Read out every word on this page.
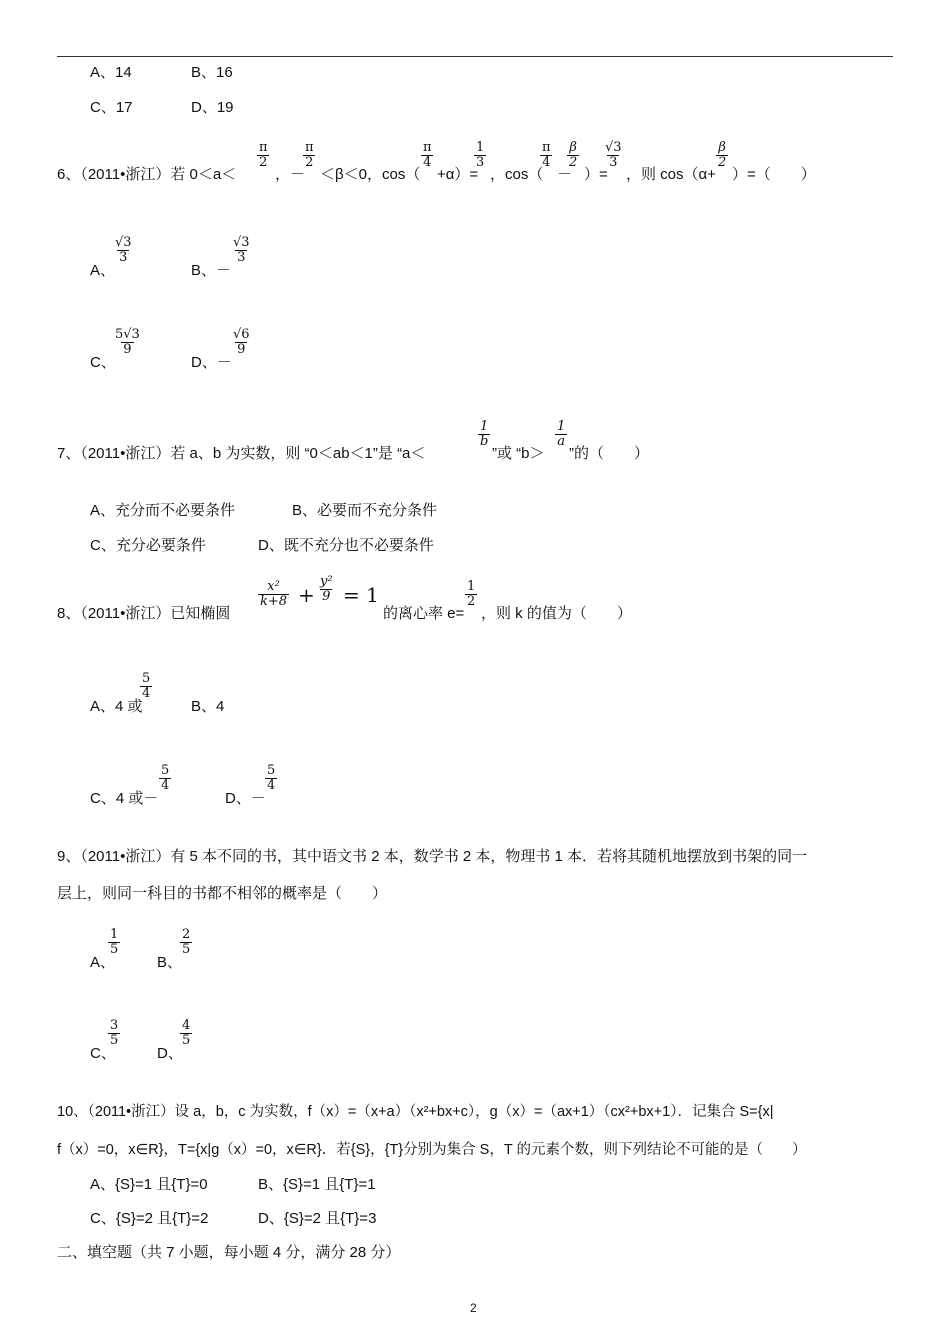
A、14	B、16
C、17	D、19
6、（2011•浙江）若 0＜a＜
$\frac{\pi}{2}$
，－
$\frac{\pi}{2}$
＜β＜0，cos（
$\frac{\pi}{4}$
+α）=
$\frac{1}{3}$
，cos（
$\frac{\pi}{4}$
－
$\frac{\beta}{2}$
）=
$\frac{√3}{3}$
，则 cos（α+
$\frac{\beta}{2}$
）=（　　）
A、
$\frac{√3}{3}$
B、－
$\frac{√3}{3}$
C、
$\frac{5√3}{9}$
D、－
$\frac{√6}{9}$
7、（2011•浙江）若 a、b 为实数，则 “0＜ab＜1”是 “a＜
$\frac{1}{b}$
”或 “b＞
$\frac{1}{a}$
”的（　　）
A、充分而不必要条件	B、必要而不充分条件
C、充分必要条件	D、既不充分也不必要条件
8、（2011•浙江）已知椭圆
$\frac{\text{x²}}{k+8} + \frac{\text{y²}}{9} = 1$
的离心率 e=
$\frac{1}{2}$
，则 k 的值为（　　）
A、4 或
$\frac{5}{4}$
B、4
C、4 或－
$\frac{5}{4}$
D、－
$\frac{5}{4}$
9、（2011•浙江）有 5 本不同的书，其中语文书 2 本，数学书 2 本，物理书 1 本．若将其随机地摆放到书架的同一
层上，则同一科目的书都不相邻的概率是（　　）
A、
$\frac{1}{5}$
B、
$\frac{2}{5}$
C、
$\frac{3}{5}$
D、
$\frac{4}{5}$
10、（2011•浙江）设 a，b，c 为实数，f（x）=（x+a）（x²+bx+c），g（x）=（ax+1）（cx²+bx+1）．记集合 S={x|
f（x）=0，x∈R}，T={x|g（x）=0，x∈R}．若{S}，{T}分别为集合 S，T 的元素个数，则下列结论不可能的是（　　）
A、{S}=1 且{T}=0	B、{S}=1 且{T}=1
C、{S}=2 且{T}=2	D、{S}=2 且{T}=3
二、填空题（共 7 小题，每小题 4 分，满分 28 分）
2
